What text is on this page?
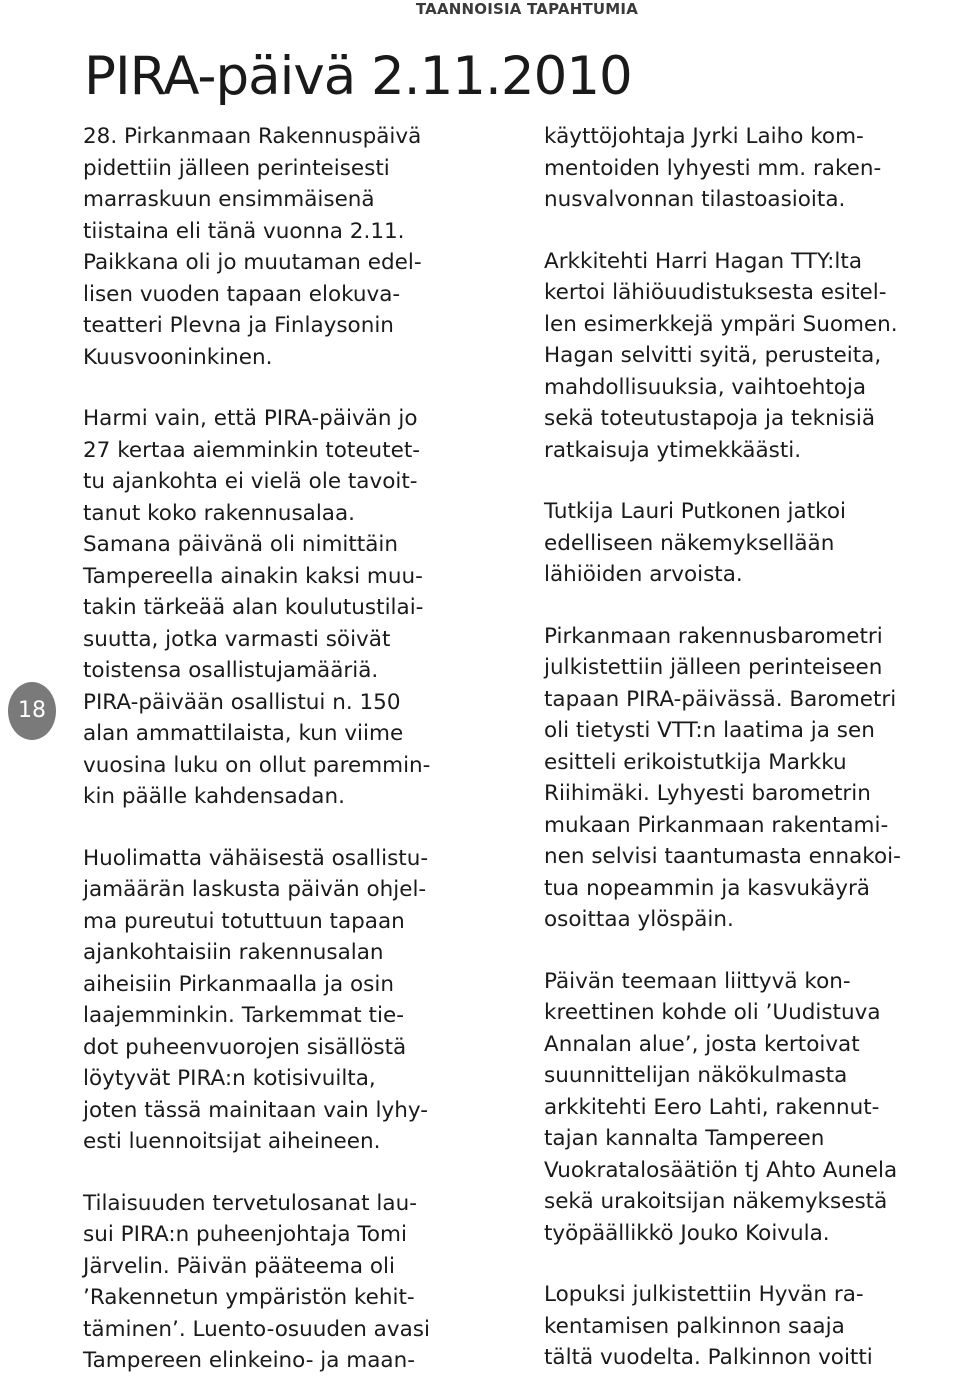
TAANNOISIA TAPAHTUMIA
PIRA-päivä 2.11.2010
18

28. Pirkanmaan Rakennuspäivä
pidettiin jälleen perinteisesti
marraskuun ensimmäisenä
tiistaina eli tänä vuonna 2.11.
Paikkana oli jo muutaman edel-
lisen vuoden tapaan elokuva-
teatteri Plevna ja Finlaysonin
Kuusvooninkinen.

Harmi vain, että PIRA-päivän jo
27 kertaa aiemminkin toteutet-
tu ajankohta ei vielä ole tavoit-
tanut koko rakennusalaa.
Samana päivänä oli nimittäin
Tampereella ainakin kaksi muu-
takin tärkeää alan koulutustilai-
suutta, jotka varmasti söivät
toistensa osallistujamääriä.
PIRA-päivään osallistui n. 150
alan ammattilaista, kun viime
vuosina luku on ollut paremmin-
kin päälle kahdensadan.

Huolimatta vähäisestä osallistu-
jamäärän laskusta päivän ohjel-
ma pureutui totuttuun tapaan
ajankohtaisiin rakennusalan
aiheisiin Pirkanmaalla ja osin
laajemminkin. Tarkemmat tie-
dot puheenvuorojen sisällöstä
löytyvät PIRA:n kotisivuilta,
joten tässä mainitaan vain lyhy-
esti luennoitsijat aiheineen.

Tilaisuuden tervetulosanat lau-
sui PIRA:n puheenjohtaja Tomi
Järvelin. Päivän pääteema oli
’Rakennetun ympäristön kehit-
täminen’. Luento-osuuden avasi
Tampereen elinkeino- ja maan-

käyttöjohtaja Jyrki Laiho kom-
mentoiden lyhyesti mm. raken-
nusvalvonnan tilastoasioita.

Arkkitehti Harri Hagan TTY:lta
kertoi lähiöuudistuksesta esitel-
len esimerkkejä ympäri Suomen.
Hagan selvitti syitä, perusteita,
mahdollisuuksia, vaihtoehtoja
sekä toteutustapoja ja teknisiä
ratkaisuja ytimekkäästi.

Tutkija Lauri Putkonen jatkoi
edelliseen näkemyksellään
lähiöiden arvoista.

Pirkanmaan rakennusbarometri
julkistettiin jälleen perinteiseen
tapaan PIRA-päivässä. Barometri
oli tietysti VTT:n laatima ja sen
esitteli erikoistutkija Markku
Riihimäki. Lyhyesti barometrin
mukaan Pirkanmaan rakentami-
nen selvisi taantumasta ennakoi-
tua nopeammin ja kasvukäyrä
osoittaa ylöspäin.

Päivän teemaan liittyvä kon-
kreettinen kohde oli ’Uudistuva
Annalan alue’, josta kertoivat
suunnittelijan näkökulmasta
arkkitehti Eero Lahti, rakennut-
tajan kannalta Tampereen
Vuokratalosäätiön tj Ahto Aunela
sekä urakoitsijan näkemyksestä
työpäällikkö Jouko Koivula.

Lopuksi julkistettiin Hyvän ra-
kentamisen palkinnon saaja
tältä vuodelta. Palkinnon voitti
